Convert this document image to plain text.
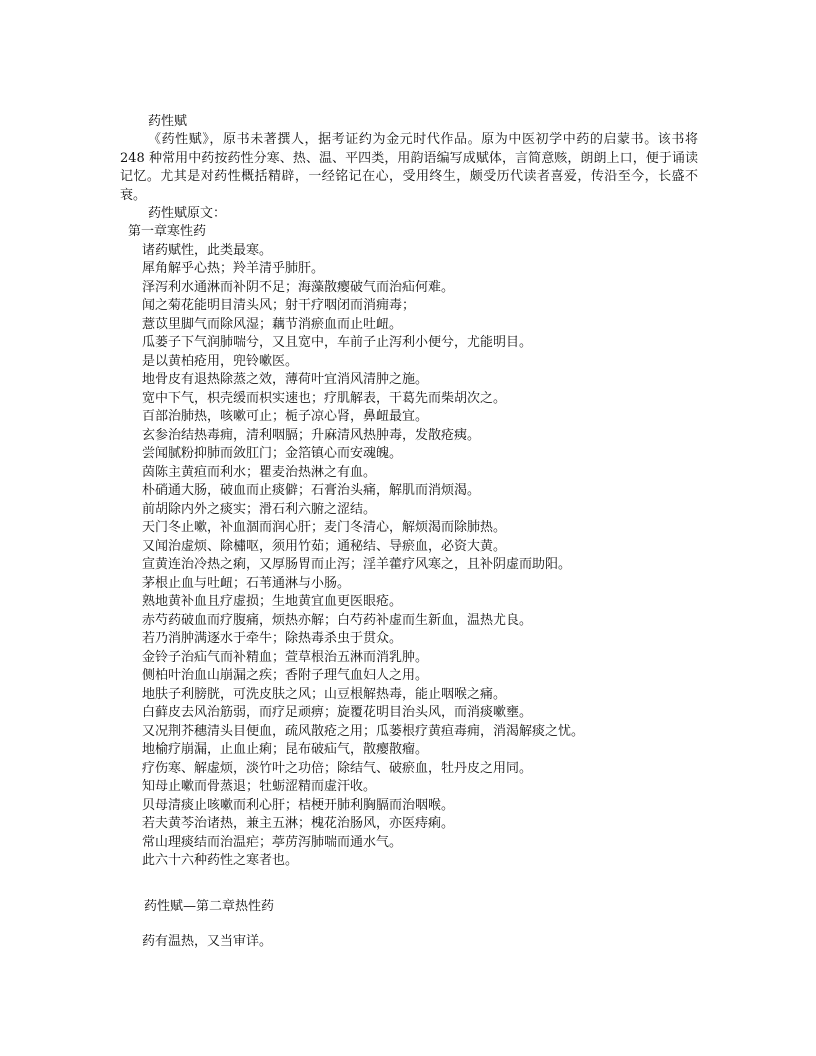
药性赋

《药性赋》，原书未著撰人，据考证约为金元时代作品。原为中医初学中药的启蒙书。该书将 248 种常用中药按药性分寒、热、温、平四类，用韵语编写成赋体，言简意赅，朗朗上口，便于诵读记忆。尤其是对药性概括精辟，一经铭记在心，受用终生，颇受历代读者喜爱，传沿至今，长盛不衰。

药性赋原文：

第一章寒性药
诸药赋性，此类最寒。
犀角解乎心热；羚羊清乎肺肝。
泽泻利水通淋而补阴不足；海藻散瘿破气而治疝何难。
闻之菊花能明目清头风；射干疗咽闭而消痈毒；
薏苡里脚气而除风湿；藕节消瘀血而止吐衄。
瓜蒌子下气润肺喘兮，又且宽中，车前子止泻利小便兮，尤能明目。
是以黄柏疮用，兜铃嗽医。
地骨皮有退热除蒸之效，薄荷叶宜消风清肿之施。
宽中下气，枳壳缓而枳实速也；疗肌解表，干葛先而柴胡次之。
百部治肺热，咳嗽可止；栀子凉心肾，鼻衄最宜。
玄参治结热毒痈，清利咽膈；升麻清风热肿毒，发散疮痍。
尝闻腻粉抑肺而敛肛门；金箔镇心而安魂魄。
茵陈主黄疸而利水；瞿麦治热淋之有血。
朴硝通大肠，破血而止痰僻；石膏治头痛，解肌而消烦渴。
前胡除内外之痰实；滑石利六腑之涩结。
天门冬止嗽，补血涸而润心肝；麦门冬清心，解烦渴而除肺热。
又闻治虚烦、除橚呕，须用竹茹；通秘结、导瘀血，必资大黄。
宣黄连治冷热之痢，又厚肠胃而止泻；淫羊藿疗风寒之，且补阴虚而助阳。
茅根止血与吐衄；石苇通淋与小肠。
熟地黄补血且疗虚损；生地黄宜血更医眼疮。
赤芍药破血而疗腹痛，烦热亦解；白芍药补虚而生新血，温热尤良。
若乃消肿满逐水于牵牛；除热毒杀虫于贯众。
金铃子治疝气而补精血；萱草根治五淋而消乳肿。
侧柏叶治血山崩漏之疾；香附子理气血妇人之用。
地肤子利膀胱，可洗皮肤之风；山豆根解热毒，能止咽喉之痛。
白藓皮去风治筋弱，而疗足顽痹；旋覆花明目治头风，而消痰嗽壅。
又况荆芥穗清头目便血，疏风散疮之用；瓜蒌根疗黄疸毒痈，消渴解痰之忧。
地榆疗崩漏，止血止痢；昆布破疝气，散瘿散瘤。
疗伤寒、解虚烦，淡竹叶之功倍；除结气、破瘀血，牡丹皮之用同。
知母止嗽而骨蒸退；牡蛎涩精而虚汗收。
贝母清痰止咳嗽而利心肝；桔梗开肺利胸膈而治咽喉。
若夫黄芩治诸热，兼主五淋；槐花治肠风，亦医痔痢。
常山理痰结而治温疟；葶苈泻肺喘而通水气。
此六十六种药性之寒者也。
药性赋—第二章热性药

药有温热，又当审详。
